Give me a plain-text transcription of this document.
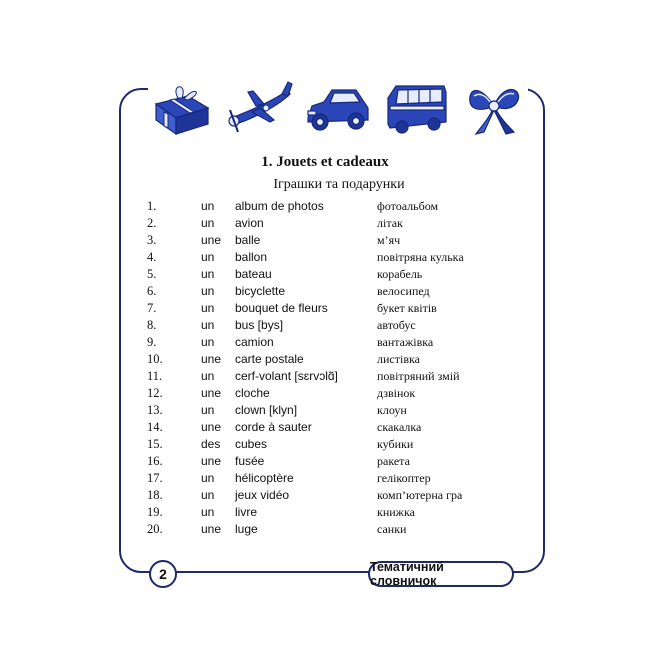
1. Jouets et cadeaux
Іграшки та подарунки
1.	un album de photos	фотоальбом
2.	un avion	літак
3.	une balle	м’яч
4.	un ballon	повітряна кулька
5.	un bateau	корабель
6.	un bicyclette	велосипед
7.	un bouquet de fleurs	букет квітів
8.	un bus [bys]	автобус
9.	un camion	вантажівка
10.	une carte postale	листівка
11.	un cerf-volant [sɛrvɔlɑ̃]	повітряний змій
12.	une cloche	дзвінок
13.	un clown [klyn]	клоун
14.	une corde à sauter	скакалка
15.	des cubes	кубики
16.	une fusée	ракета
17.	un hélicoptère	гелікоптер
18.	un jeux vidéo	комп’ютерна гра
19.	un livre	книжка
20.	une luge	санки
2	Тематичний словничок
